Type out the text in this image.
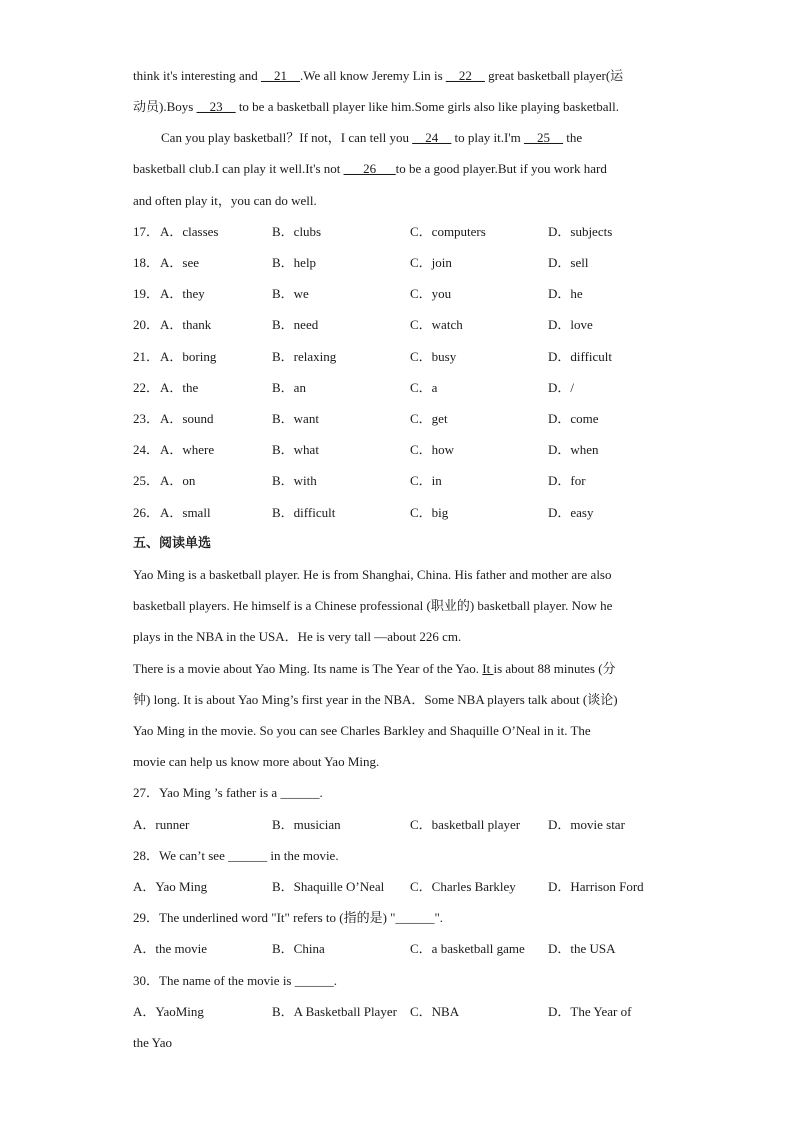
think it's interesting and __21__.We all know Jeremy Lin is __22__ great basketball player(运
动员).Boys __23__ to be a basketball player like him.Some girls also like playing basketball.
Can you play basketball？If not，I can tell you __24__ to play it.I'm __25__ the
basketball club.I can play it well.It's not ___26___to be a good player.But if you work hard
and often play it，you can do well.
17． A．classes	B．clubs	C．computers	D．subjects
18． A．see	B．help	C．join	D．sell
19． A．they	B．we	C．you	D．he
20． A．thank	B．need	C．watch	D．love
21． A．boring	B．relaxing	C．busy	D．difficult
22． A．the	B．an	C．a	D．/
23． A．sound	B．want	C．get	D．come
24． A．where	B．what	C．how	D．when
25． A．on	B．with	C．in	D．for
26． A．small	B．difficult	C．big	D．easy
五、阅读单选
Yao Ming is a basketball player. He is from Shanghai, China. His father and mother are also
basketball players. He himself is a Chinese professional (职业的) basketball player. Now he
plays in the NBA in the USA．He is very tall —about 226 cm.
There is a movie about Yao Ming. Its name is The Year of the Yao. It is about 88 minutes (分
钟) long. It is about Yao Ming’s first year in the NBA．Some NBA players talk about (谈论)
Yao Ming in the movie. So you can see Charles Barkley and Shaquille O’Neal in it. The
movie can help us know more about Yao Ming.
27．Yao Ming ’s father is a ______.
A．runner	B．musician	C．basketball player D．movie star
28．We can’t see ______ in the movie.
A．Yao Ming	B．Shaquille O’Neal C．Charles Barkley D．Harrison Ford
29．The underlined word "It" refers to (指的是) "______".
A．the movie	B．China	C．a basketball game D．the USA
30．The name of the movie is ______.
A．YaoMing	B．A Basketball Player C．NBA	D．The Year of
the Yao
